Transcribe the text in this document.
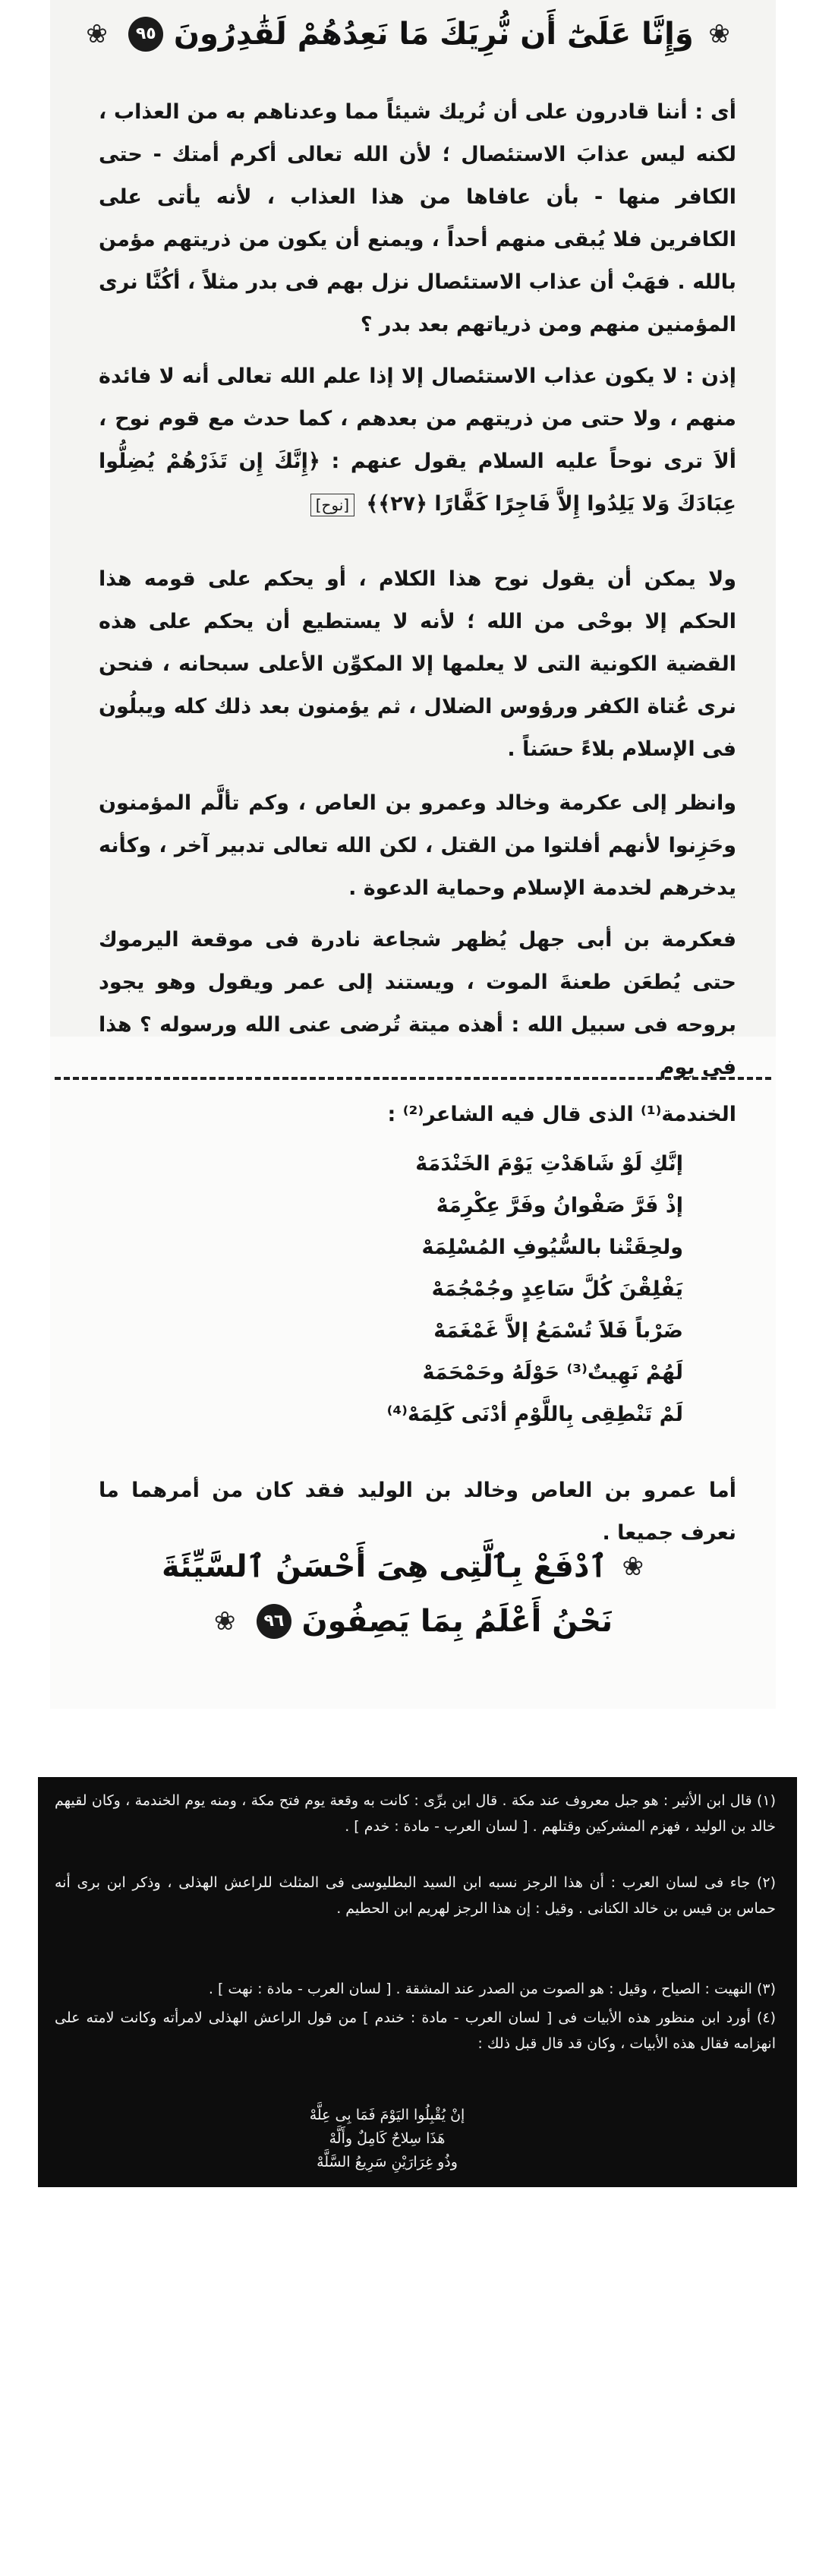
❀ وَإِنَّا عَلَىٰٓ أَن نُّرِيَكَ مَا نَعِدُهُمْ لَقَٰدِرُونَ ٩٥ ❀
أى : أننا قادرون على أن نُريك شيئاً مما وعدناهم به من العذاب ، لكنه ليس عذابَ الاستئصال ؛ لأن الله تعالى أكرم أمتك - حتى الكافر منها - بأن عافاها من هذا العذاب ، لأنه يأتى على الكافرين فلا يُبقى منهم أحداً ، ويمنع أن يكون من ذريتهم مؤمن بالله . فهَبْ أن عذاب الاستئصال نزل بهم فى بدر مثلاً ، أكُنَّا نرى المؤمنين منهم ومن ذرياتهم بعد بدر ؟
إذن : لا يكون عذاب الاستئصال إلا إذا علم الله تعالى أنه لا فائدة منهم ، ولا حتى من ذريتهم من بعدهم ، كما حدث مع قوم نوح ، ألاَ ترى نوحاً عليه السلام يقول عنهم : ﴿إِنَّكَ إِن تَذَرْهُمْ يُضِلُّوا عِبَادَكَ وَلا يَلِدُوا إِلاَّ فَاجِرًا كَفَّارًا ﴿٢٧﴾﴾ [نوح]
ولا يمكن أن يقول نوح هذا الكلام ، أو يحكم على قومه هذا الحكم إلا بوحْى من الله ؛ لأنه لا يستطيع أن يحكم على هذه القضية الكونية التى لا يعلمها إلا المكوِّن الأعلى سبحانه ، فنحن نرى عُتاة الكفر ورؤوس الضلال ، ثم يؤمنون بعد ذلك كله ويبلُون فى الإسلام بلاءً حسَناً .
وانظر إلى عكرمة وخالد وعمرو بن العاص ، وكم تألَّم المؤمنون وحَزِنوا لأنهم أفلتوا من القتل ، لكن الله تعالى تدبير آخر ، وكأنه يدخرهم لخدمة الإسلام وحماية الدعوة .
فعكرمة بن أبى جهل يُظهر شجاعة نادرة فى موقعة اليرموك حتى يُطعَن طعنةَ الموت ، ويستند إلى عمر ويقول وهو يجود بروحه فى سبيل الله : أهذه ميتة تُرضى عنى الله ورسوله ؟ هذا فى يوم
الخندمة⁽¹⁾ الذى قال فيه الشاعر⁽²⁾ :
إنَّكِ لَوْ شَاهَدْتِ يَوْمَ الخَنْدَمَهْ
إذْ فَرَّ صَفْوانُ وفَرَّ عِكْرِمَهْ
ولحِقَتْنا بالسُّيُوفِ المُسْلِمَهْ
يَفْلِقْنَ كُلَّ سَاعِدٍ وجُمْجُمَهْ
ضَرْباً فَلاَ تُسْمَعُ إلاَّ غَمْغَمَهْ
لَهُمْ نَهِيتٌ⁽³⁾ حَوْلَهُ وحَمْحَمَهْ
لَمْ تَنْطِقِى بِاللَّوْمِ أدْنَى كَلِمَهْ⁽⁴⁾
أما عمرو بن العاص وخالد بن الوليد فقد كان من أمرهما ما نعرف جميعا .
❀ ٱدْفَعْ بِٱلَّتِى هِىَ أَحْسَنُ ٱلسَّيِّئَةَ
نَحْنُ أَعْلَمُ بِمَا يَصِفُونَ ٩٦ ❀
(١) قال ابن الأثير : هو جبل معروف عند مكة . قال ابن برِّى : كانت به وقعة يوم فتح مكة ، ومنه يوم الخندمة ، وكان لقيهم خالد بن الوليد ، فهزم المشركين وقتلهم . [ لسان العرب - مادة : خدم ] .
(٢) جاء فى لسان العرب : أن هذا الرجز نسبه ابن السيد البطليوسى فى المثلث للراعش الهذلى ، وذكر ابن برى أنه حماس بن قيس بن خالد الكنانى . وقيل : إن هذا الرجز لهريم ابن الحطيم .
(٣) النهيت : الصياح ، وقيل : هو الصوت من الصدر عند المشقة . [ لسان العرب - مادة : نهت ] .
(٤) أورد ابن منظور هذه الأبيات فى [ لسان العرب - مادة : خندم ] من قول الراعش الهذلى لامرأته وكانت لامته على انهزامه فقال هذه الأبيات ، وكان قد قال قبل ذلك :
إنْ يُقْبِلُوا اليَوْمَ فَمَا بِى عِلَّهْ
هَذَا سِلاحٌ كَامِلٌ وأَلَّهْ
وذُو غِرَارَيْنِ سَرِيعُ السَّلَّهْ
